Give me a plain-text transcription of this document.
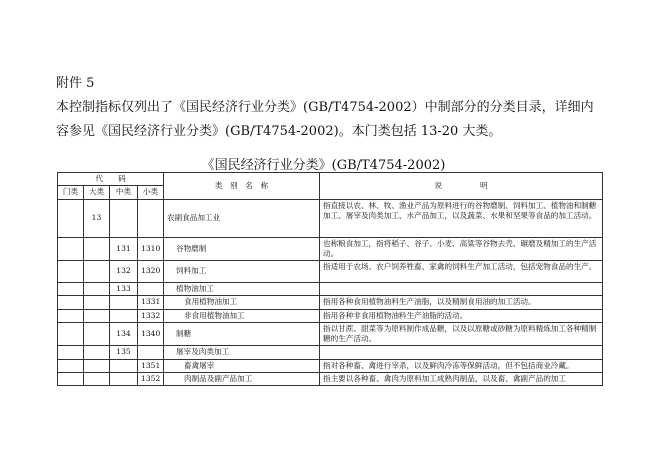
附件 5
本控制指标仅列出了《国民经济行业分类》(GB/T4754-2002）中制部分的分类目录，详细内容参见《国民经济行业分类》(GB/T4754-2002)。本门类包括 13-20 大类。
《国民经济行业分类》(GB/T4754-2002)
代　　码				类　别　名　称	说　　　　　明
门类	大类	中类	小类		
	13			农副食品加工业	指直接以农、林、牧、渔业产品为原料进行的谷物磨制、饲料加工、植物油和制糖加工、屠宰及肉类加工、水产品加工，以及蔬菜、水果和坚果等食品的加工活动。
		131	1310	谷物磨制	也称粮食加工，指将稻子、谷子、小麦、高粱等谷物去壳、碾磨及精加工的生产活动。
		132	1320	饲料加工	指适用于农场、农户饲养牲畜、家禽的饲料生产加工活动，包括宠物食品的生产。
		133		植物油加工	
			1331	食用植物油加工	指用各种食用植物油料生产油脂，以及精制食用油的加工活动。
			1332	非食用植物油加工	指用各种非食用植物油料生产油脂的活动。
		134	1340	制糖	指以甘蔗、甜菜等为原料制作成品糖，以及以原糖或砂糖为原料精炼加工各种精制糖的生产活动。
		135		屠宰及肉类加工	
			1351	畜禽屠宰	指对各种畜、禽进行宰杀，以及鲜肉冷冻等保鲜活动，但不包括商业冷藏。
			1352	肉制品及副产品加工	指主要以各种畜、禽肉为原料加工成熟肉制品，以及畜、禽副产品的加工
